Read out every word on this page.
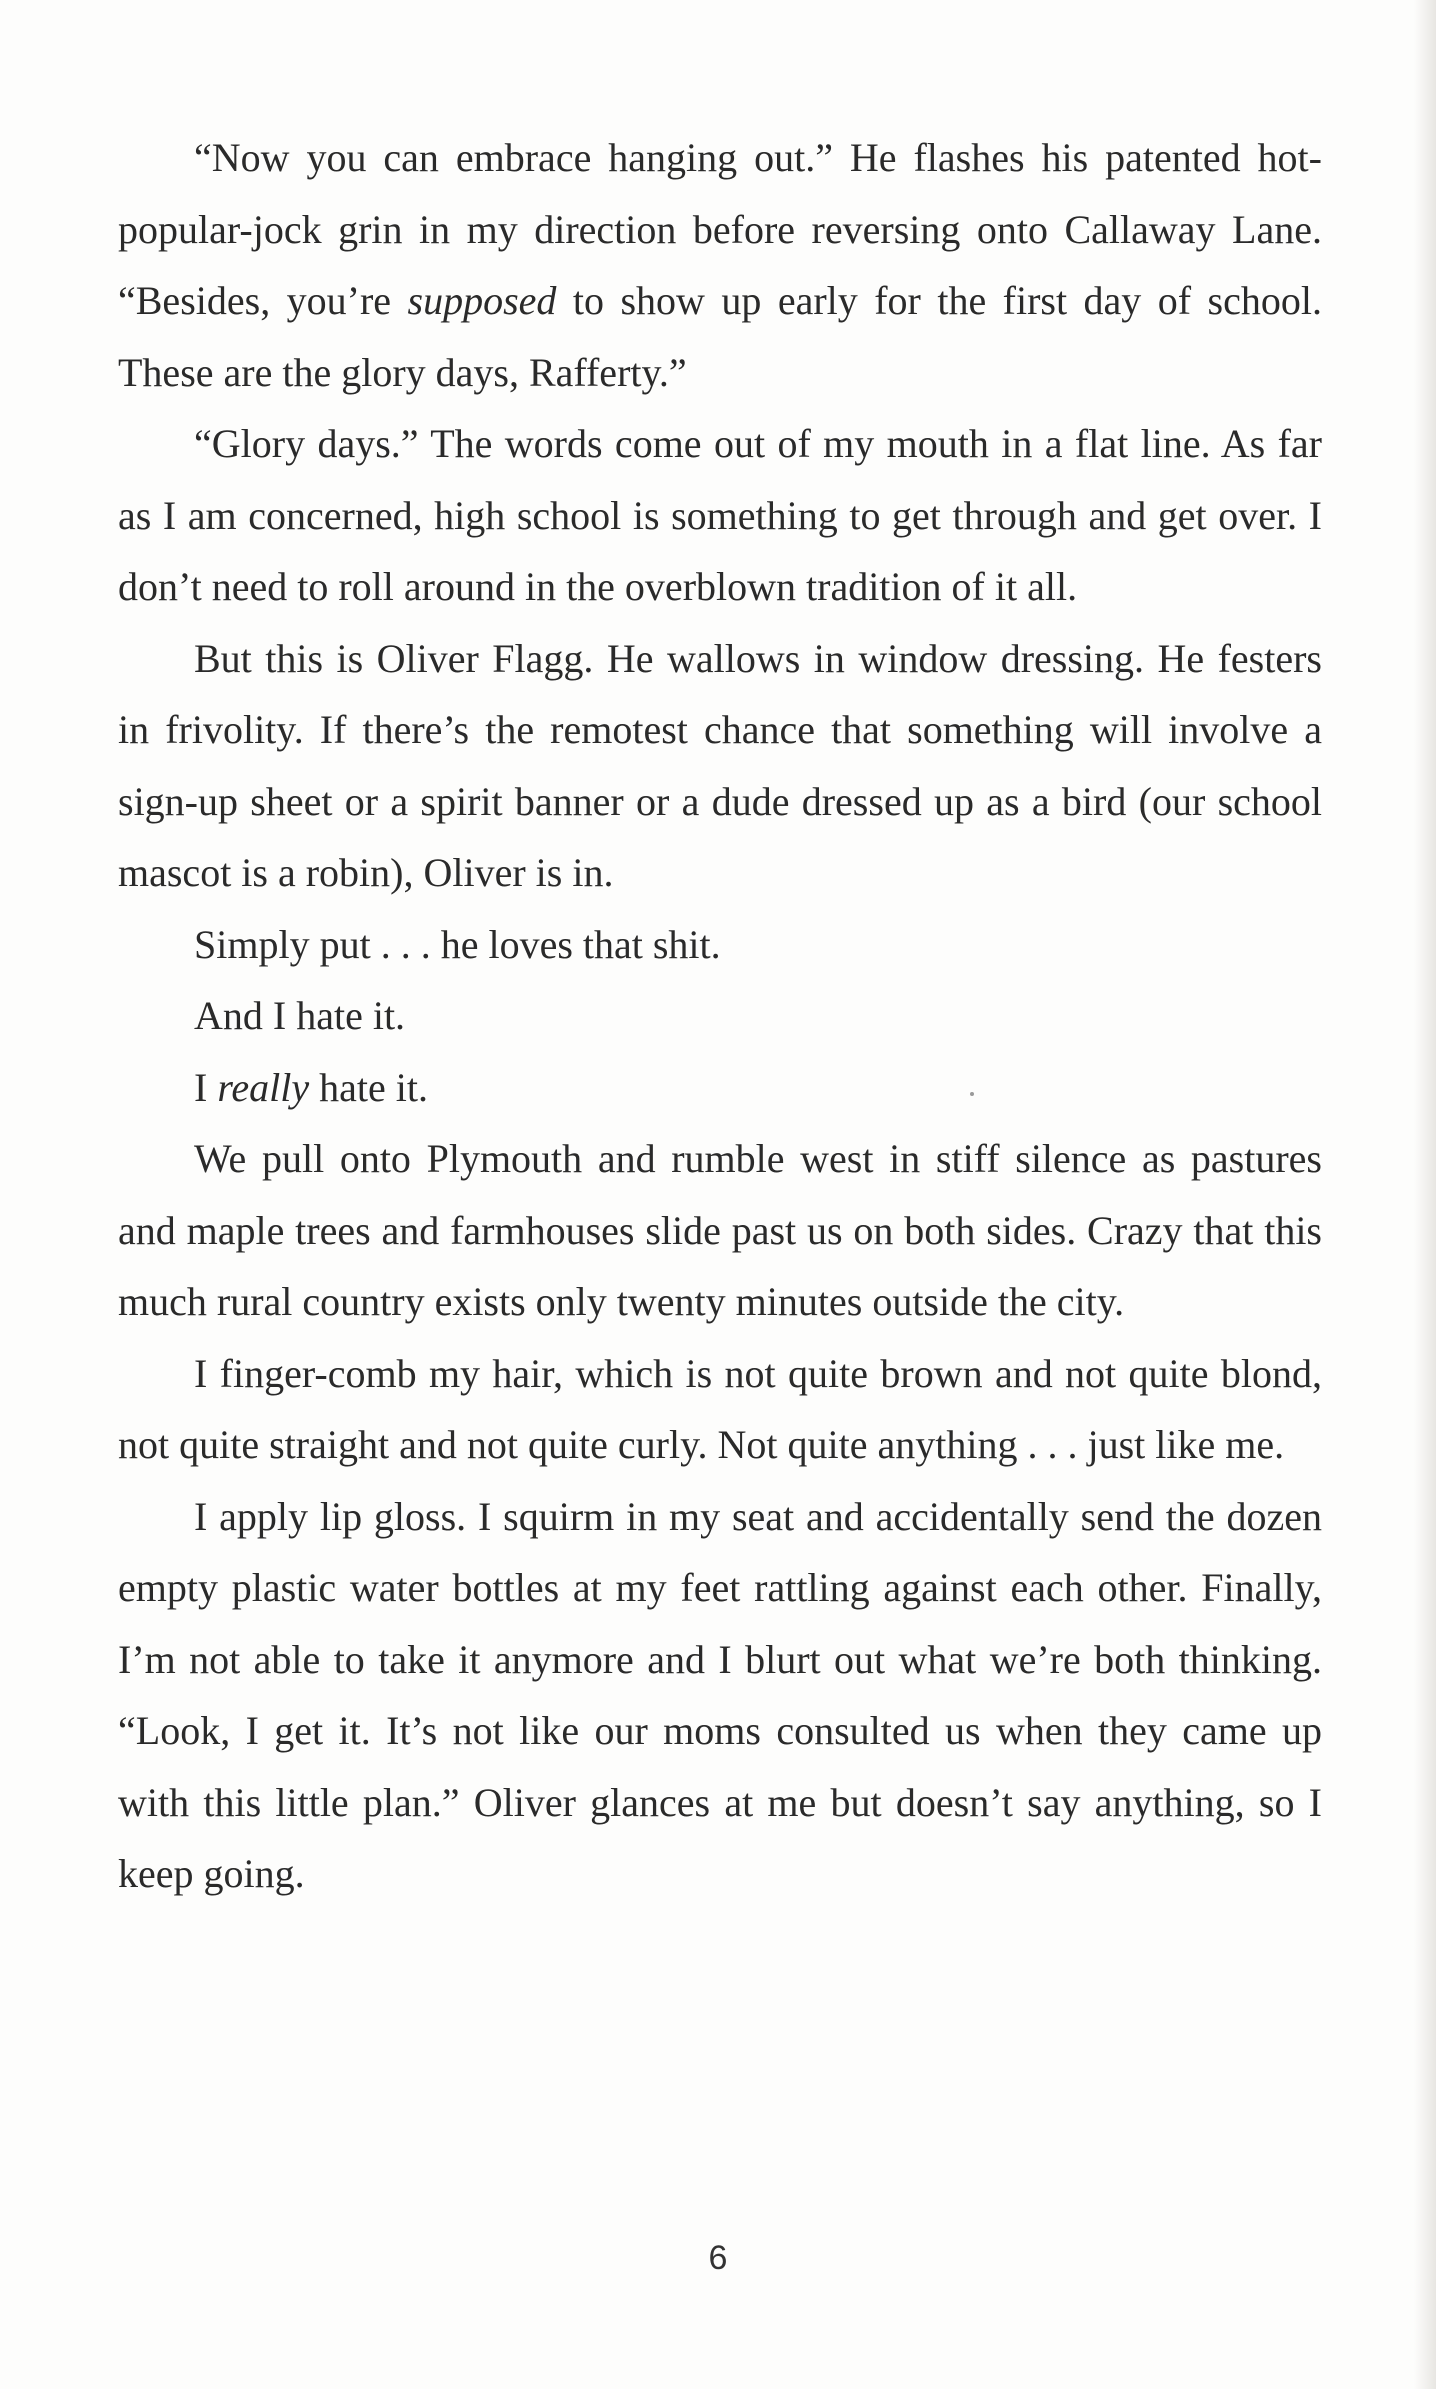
“Now you can embrace hanging out.” He flashes his patented hot-popular-jock grin in my direction before reversing onto Callaway Lane. “Besides, you’re supposed to show up early for the first day of school. These are the glory days, Rafferty.”

“Glory days.” The words come out of my mouth in a flat line. As far as I am concerned, high school is something to get through and get over. I don’t need to roll around in the overblown tradition of it all.

But this is Oliver Flagg. He wallows in window dressing. He festers in frivolity. If there’s the remotest chance that something will involve a sign-up sheet or a spirit banner or a dude dressed up as a bird (our school mascot is a robin), Oliver is in.

Simply put . . . he loves that shit.

And I hate it.

I really hate it.

We pull onto Plymouth and rumble west in stiff silence as pastures and maple trees and farmhouses slide past us on both sides. Crazy that this much rural country exists only twenty minutes outside the city.

I finger-comb my hair, which is not quite brown and not quite blond, not quite straight and not quite curly. Not quite anything . . . just like me.

I apply lip gloss. I squirm in my seat and accidentally send the dozen empty plastic water bottles at my feet rattling against each other. Finally, I’m not able to take it anymore and I blurt out what we’re both thinking. “Look, I get it. It’s not like our moms consulted us when they came up with this little plan.” Oliver glances at me but doesn’t say anything, so I keep going.

6
